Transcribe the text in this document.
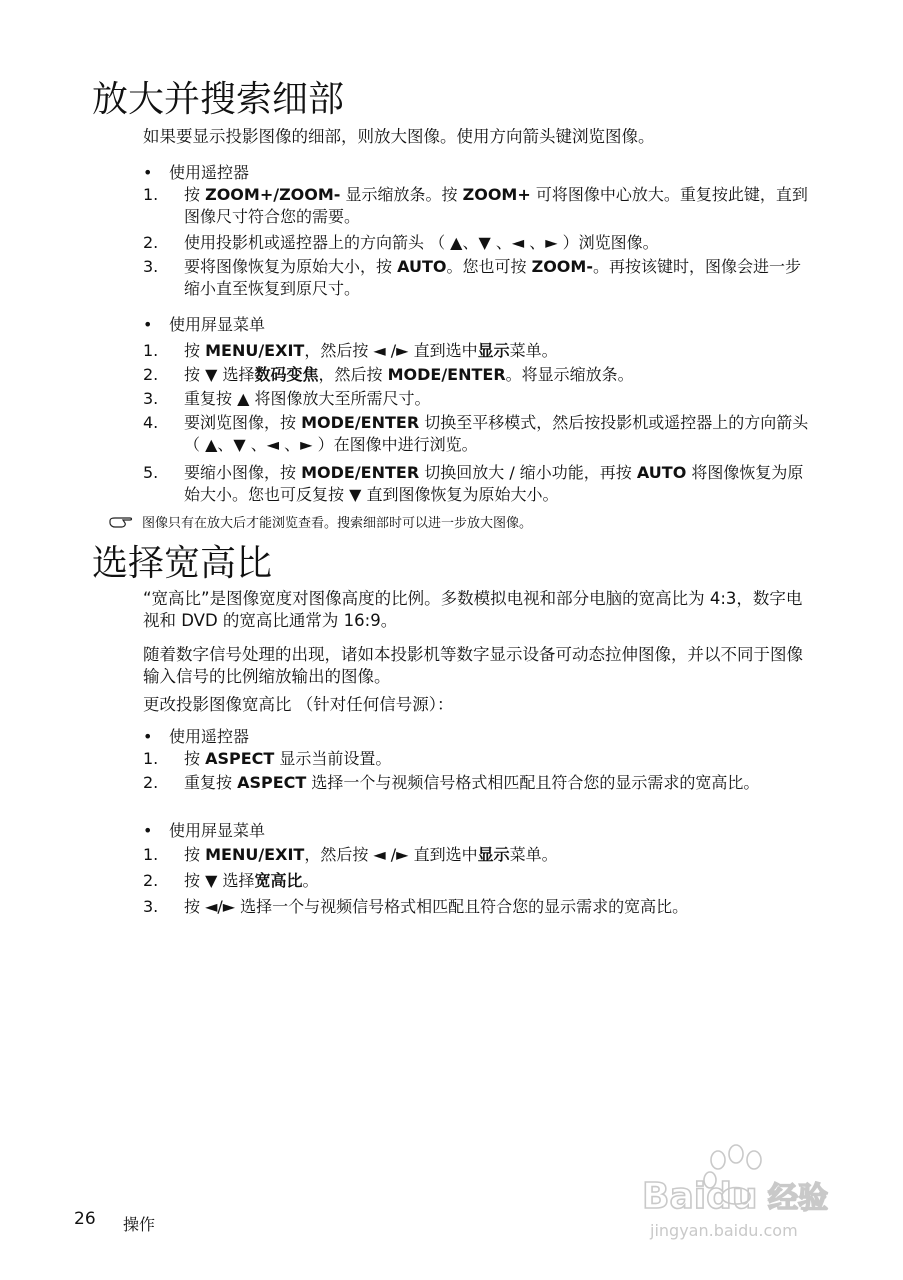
放大并搜索细部

如果要显示投影图像的细部，则放大图像。使用方向箭头键浏览图像。

• 使用遥控器

1.	按 ZOOM+/ZOOM- 显示缩放条。按 ZOOM+ 可将图像中心放大。重复按此键，直到图像尺寸符合您的需要。
2.	使用投影机或遥控器上的方向箭头 （ ▲、▼ 、◄ 、► ）浏览图像。
3.	要将图像恢复为原始大小，按 AUTO。您也可按 ZOOM-。再按该键时，图像会进一步缩小直至恢复到原尺寸。

• 使用屏显菜单

1.	按 MENU/EXIT，然后按 ◄ /► 直到选中显示菜单。
2.	按 ▼ 选择数码变焦，然后按 MODE/ENTER。将显示缩放条。
3.	重复按 ▲ 将图像放大至所需尺寸。
4.	要浏览图像，按 MODE/ENTER 切换至平移模式，然后按投影机或遥控器上的方向箭头 （ ▲、▼ 、◄ 、► ）在图像中进行浏览。
5.	要缩小图像，按 MODE/ENTER 切换回放大 / 缩小功能，再按 AUTO 将图像恢复为原始大小。您也可反复按 ▼ 直到图像恢复为原始大小。
图像只有在放大后才能浏览查看。搜索细部时可以进一步放大图像。
选择宽高比

“宽高比”是图像宽度对图像高度的比例。多数模拟电视和部分电脑的宽高比为 4:3，数字电视和 DVD 的宽高比通常为 16:9。

随着数字信号处理的出现，诸如本投影机等数字显示设备可动态拉伸图像，并以不同于图像输入信号的比例缩放输出的图像。

更改投影图像宽高比 （针对任何信号源）：

• 使用遥控器

1.	按 ASPECT 显示当前设置。
2.	重复按 ASPECT 选择一个与视频信号格式相匹配且符合您的显示需求的宽高比。

• 使用屏显菜单

1.	按 MENU/EXIT，然后按 ◄ /► 直到选中显示菜单。
2.	按 ▼ 选择宽高比。
3.	按 ◄/► 选择一个与视频信号格式相匹配且符合您的显示需求的宽高比。
26 操作
Baidu 经验
jingyan.baidu.com
